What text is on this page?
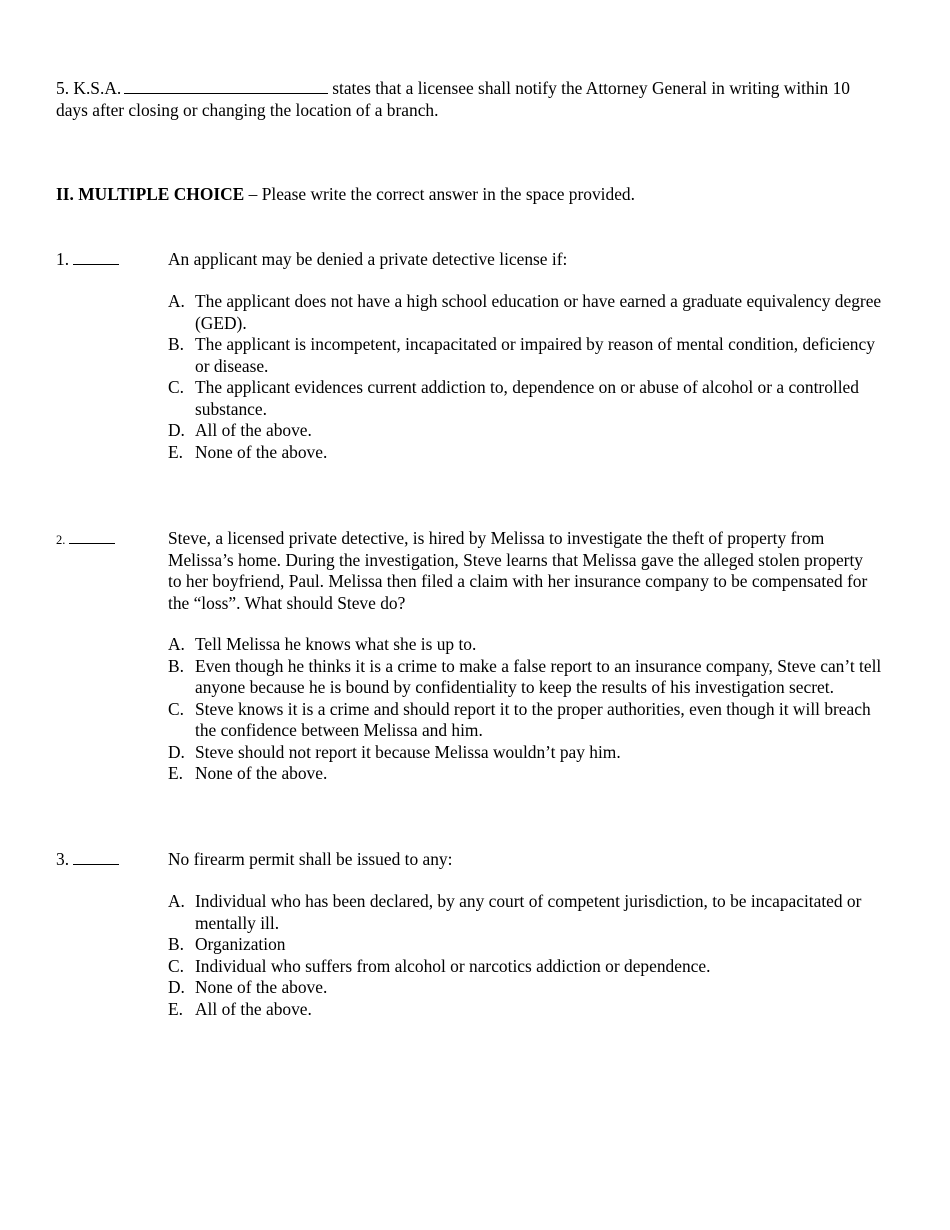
5. K.S.A.	states that a licensee shall notify the Attorney General in writing within 10 days after closing or changing the location of a branch.
II. MULTIPLE CHOICE – Please write the correct answer in the space provided.
1.	An applicant may be denied a private detective license if:
A. The applicant does not have a high school education or have earned a graduate equivalency degree (GED).
B. The applicant is incompetent, incapacitated or impaired by reason of mental condition, deficiency or disease.
C. The applicant evidences current addiction to, dependence on or abuse of alcohol or a controlled substance.
D. All of the above.
E. None of the above.
2.	Steve, a licensed private detective, is hired by Melissa to investigate the theft of property from Melissa’s home. During the investigation, Steve learns that Melissa gave the alleged stolen property to her boyfriend, Paul. Melissa then filed a claim with her insurance company to be compensated for the “loss”. What should Steve do?
A. Tell Melissa he knows what she is up to.
B. Even though he thinks it is a crime to make a false report to an insurance company, Steve can’t tell anyone because he is bound by confidentiality to keep the results of his investigation secret.
C. Steve knows it is a crime and should report it to the proper authorities, even though it will breach the confidence between Melissa and him.
D. Steve should not report it because Melissa wouldn’t pay him.
E. None of the above.
3.	No firearm permit shall be issued to any:
A. Individual who has been declared, by any court of competent jurisdiction, to be incapacitated or mentally ill.
B. Organization
C. Individual who suffers from alcohol or narcotics addiction or dependence.
D. None of the above.
E. All of the above.
